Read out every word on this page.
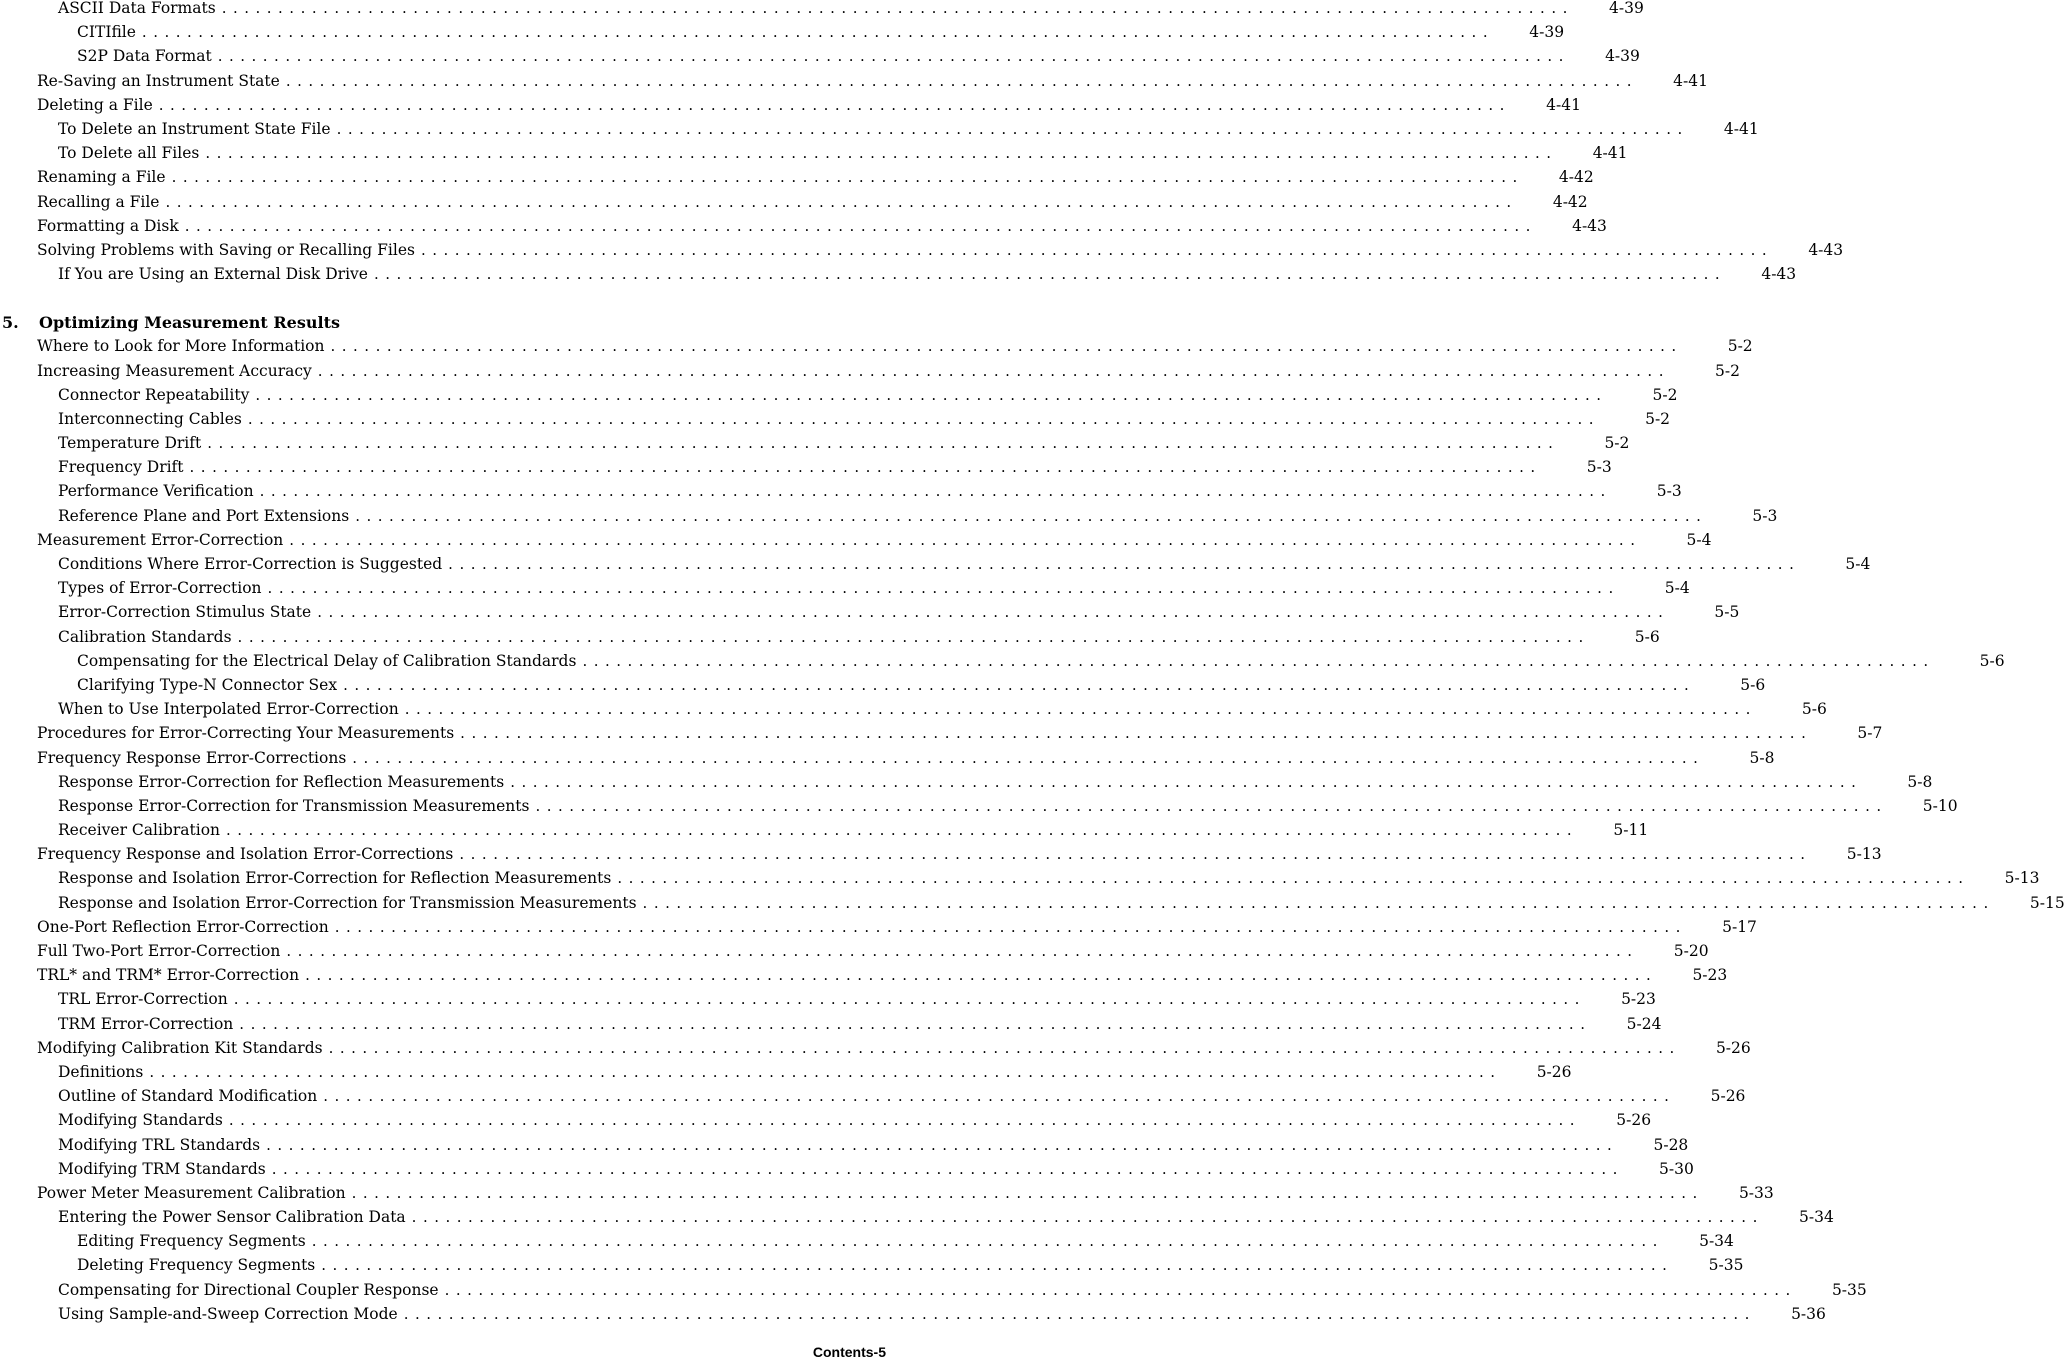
ASCII Data Formats ........................................................................................................................	4-39
CITIfile ........................................................................................................................	4-39
S2P Data Format ........................................................................................................................	4-39
Re-Saving an Instrument State ........................................................................................................................	4-41
Deleting a File ........................................................................................................................	4-41
To Delete an Instrument State File ........................................................................................................................	4-41
To Delete all Files ........................................................................................................................	4-41
Renaming a File ........................................................................................................................	4-42
Recalling a File ........................................................................................................................	4-42
Formatting a Disk ........................................................................................................................	4-43
Solving Problems with Saving or Recalling Files ........................................................................................................................	4-43
If You are Using an External Disk Drive ........................................................................................................................	4-43
5.	Optimizing Measurement Results
Where to Look for More Information ........................................................................................................................	5-2
Increasing Measurement Accuracy ........................................................................................................................	5-2
Connector Repeatability ........................................................................................................................	5-2
Interconnecting Cables ........................................................................................................................	5-2
Temperature Drift ........................................................................................................................	5-2
Frequency Drift ........................................................................................................................	5-3
Performance Verification ........................................................................................................................	5-3
Reference Plane and Port Extensions ........................................................................................................................	5-3
Measurement Error-Correction ........................................................................................................................	5-4
Conditions Where Error-Correction is Suggested ........................................................................................................................	5-4
Types of Error-Correction ........................................................................................................................	5-4
Error-Correction Stimulus State ........................................................................................................................	5-5
Calibration Standards ........................................................................................................................	5-6
Compensating for the Electrical Delay of Calibration Standards ........................................................................................................................	5-6
Clarifying Type-N Connector Sex ........................................................................................................................	5-6
When to Use Interpolated Error-Correction ........................................................................................................................	5-6
Procedures for Error-Correcting Your Measurements ........................................................................................................................	5-7
Frequency Response Error-Corrections ........................................................................................................................	5-8
Response Error-Correction for Reflection Measurements ........................................................................................................................	5-8
Response Error-Correction for Transmission Measurements ........................................................................................................................	5-10
Receiver Calibration ........................................................................................................................	5-11
Frequency Response and Isolation Error-Corrections ........................................................................................................................	5-13
Response and Isolation Error-Correction for Reflection Measurements ........................................................................................................................	5-13
Response and Isolation Error-Correction for Transmission Measurements ........................................................................................................................	5-15
One-Port Reflection Error-Correction ........................................................................................................................	5-17
Full Two-Port Error-Correction ........................................................................................................................	5-20
TRL* and TRM* Error-Correction ........................................................................................................................	5-23
TRL Error-Correction ........................................................................................................................	5-23
TRM Error-Correction ........................................................................................................................	5-24
Modifying Calibration Kit Standards ........................................................................................................................	5-26
Definitions ........................................................................................................................	5-26
Outline of Standard Modification ........................................................................................................................	5-26
Modifying Standards ........................................................................................................................	5-26
Modifying TRL Standards ........................................................................................................................	5-28
Modifying TRM Standards ........................................................................................................................	5-30
Power Meter Measurement Calibration ........................................................................................................................	5-33
Entering the Power Sensor Calibration Data ........................................................................................................................	5-34
Editing Frequency Segments ........................................................................................................................	5-34
Deleting Frequency Segments ........................................................................................................................	5-35
Compensating for Directional Coupler Response ........................................................................................................................	5-35
Using Sample-and-Sweep Correction Mode ........................................................................................................................	5-36
Contents-5
